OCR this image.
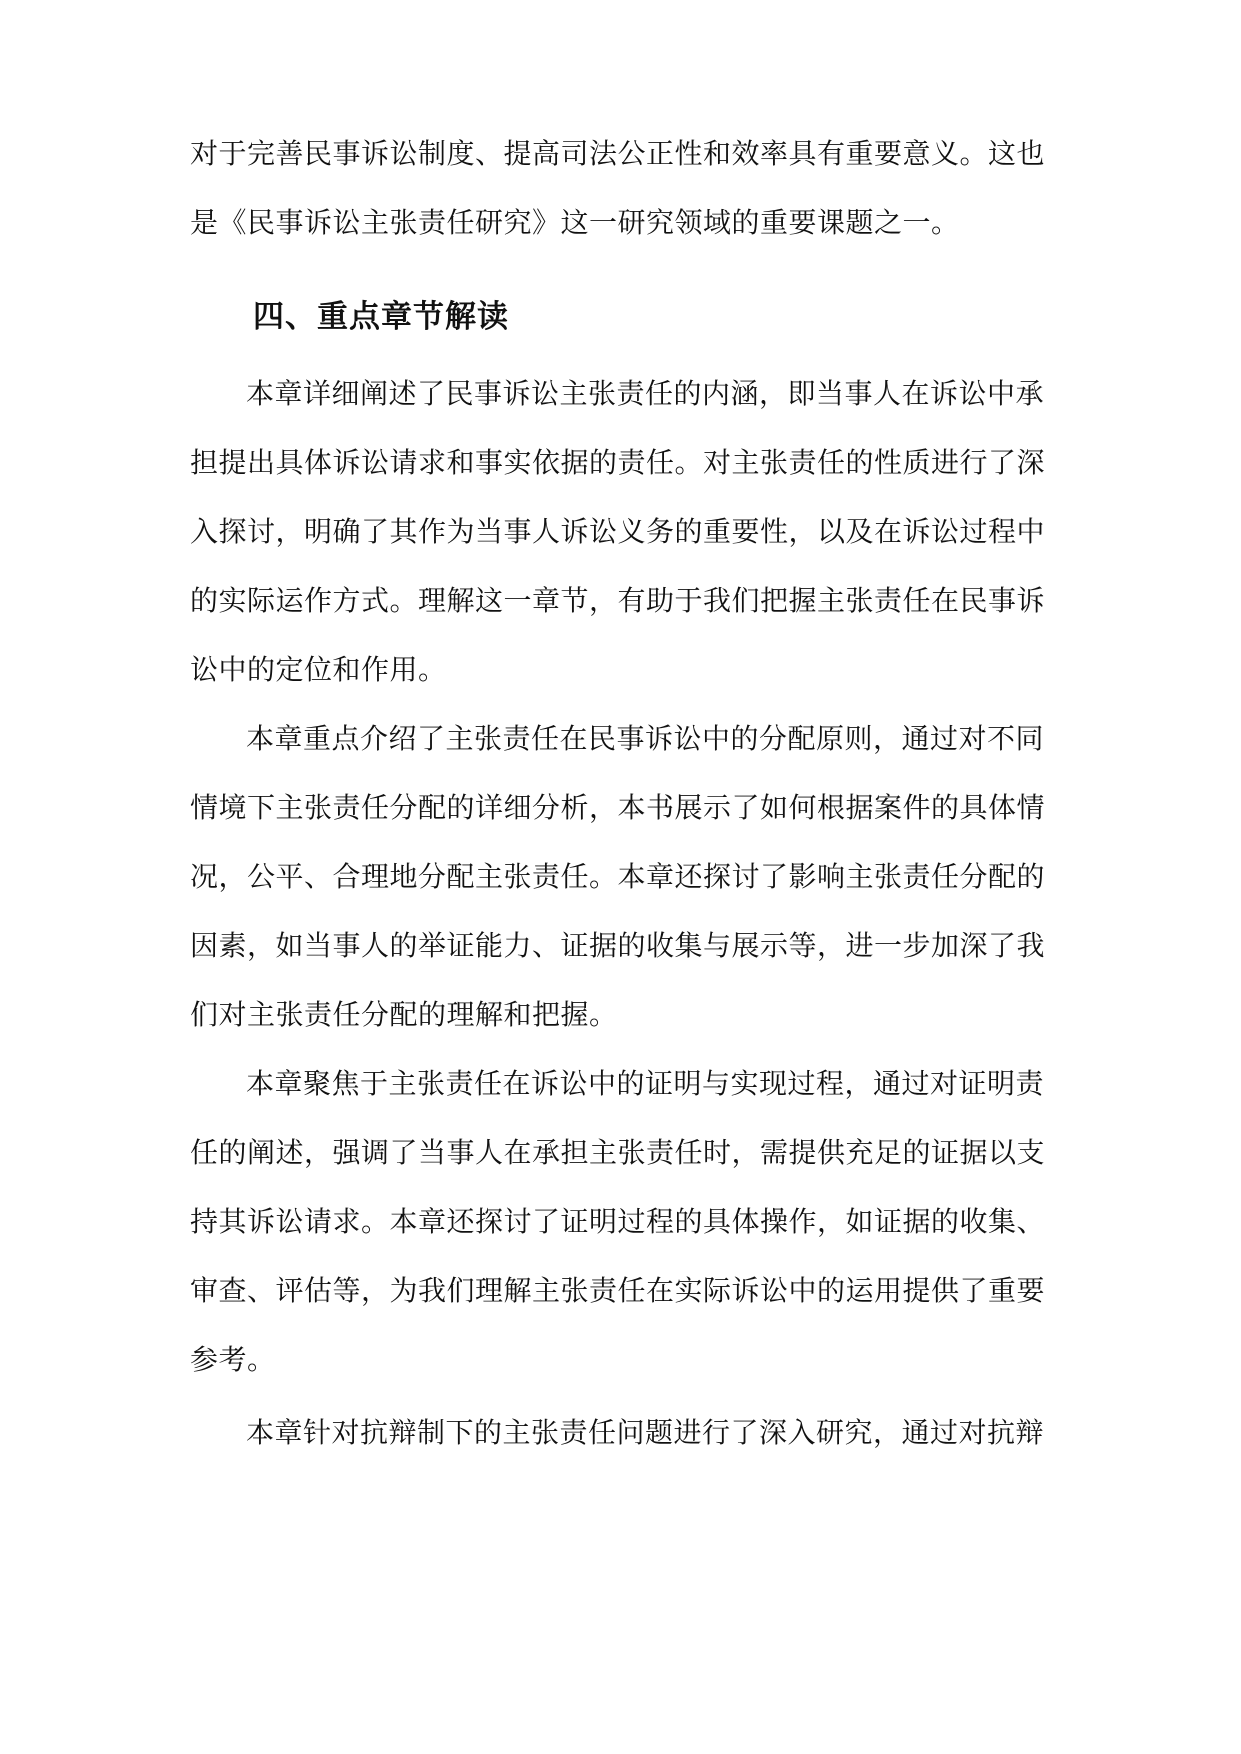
对于完善民事诉讼制度、提高司法公正性和效率具有重要意义。这也
是《民事诉讼主张责任研究》这一研究领域的重要课题之一。
四、重点章节解读
本章详细阐述了民事诉讼主张责任的内涵，即当事人在诉讼中承
担提出具体诉讼请求和事实依据的责任。对主张责任的性质进行了深
入探讨，明确了其作为当事人诉讼义务的重要性，以及在诉讼过程中
的实际运作方式。理解这一章节，有助于我们把握主张责任在民事诉
讼中的定位和作用。
本章重点介绍了主张责任在民事诉讼中的分配原则，通过对不同
情境下主张责任分配的详细分析，本书展示了如何根据案件的具体情
况，公平、合理地分配主张责任。本章还探讨了影响主张责任分配的
因素，如当事人的举证能力、证据的收集与展示等，进一步加深了我
们对主张责任分配的理解和把握。
本章聚焦于主张责任在诉讼中的证明与实现过程，通过对证明责
任的阐述，强调了当事人在承担主张责任时，需提供充足的证据以支
持其诉讼请求。本章还探讨了证明过程的具体操作，如证据的收集、
审查、评估等，为我们理解主张责任在实际诉讼中的运用提供了重要
参考。
本章针对抗辩制下的主张责任问题进行了深入研究，通过对抗辩
